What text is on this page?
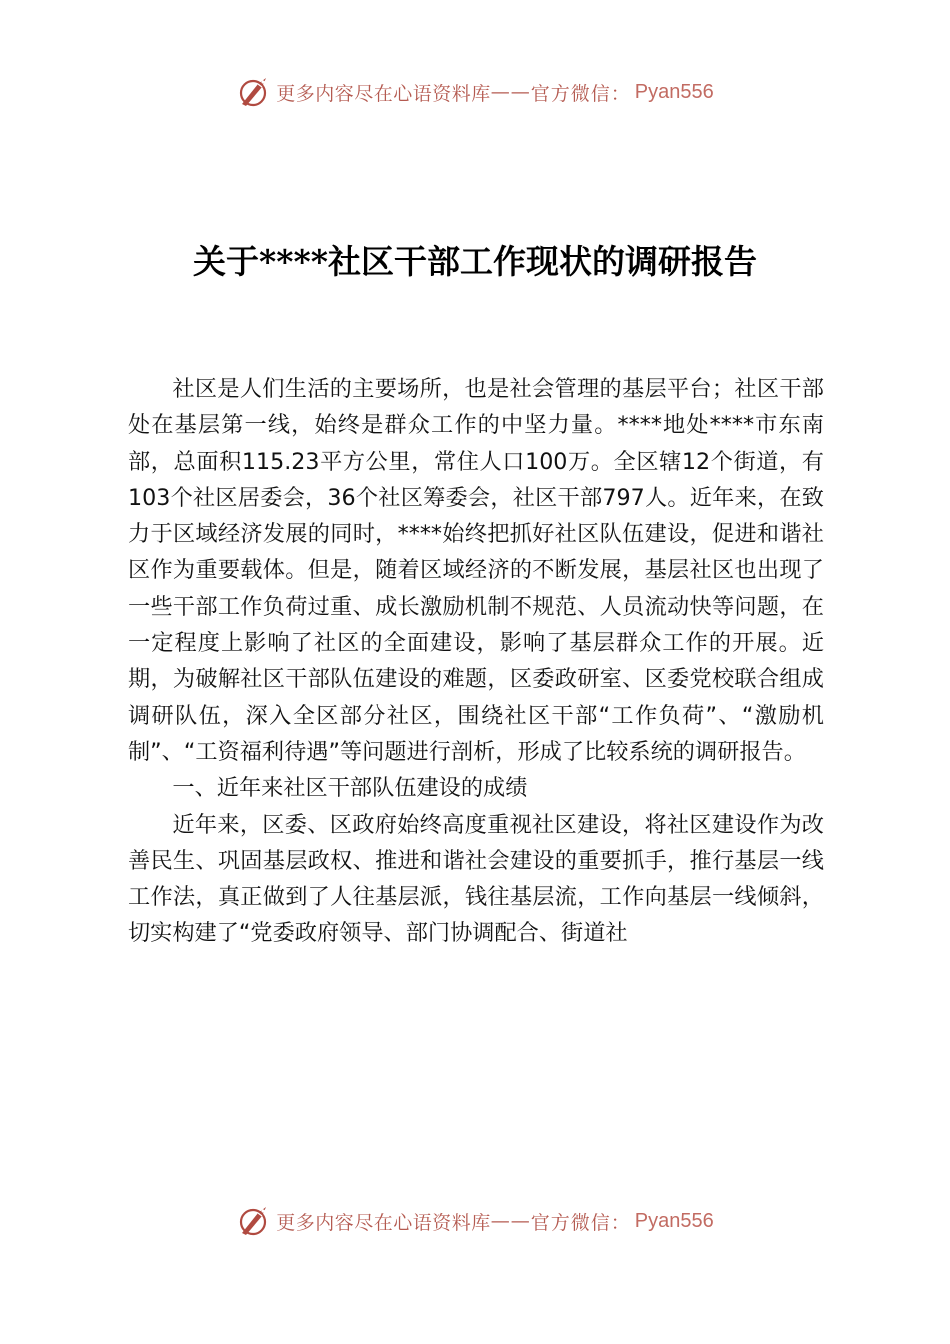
更多内容尽在心语资料库 —— 官方微信： Pyan556
关于****社区干部工作现状的调研报告

社区是人们生活的主要场所，也是社会管理的基层平台；社区干部处在基层第一线，始终是群众工作的中坚力量。****地处****市东南部，总面积115.23平方公里，常住人口100万。全区辖12个街道，有103个社区居委会，36个社区筹委会，社区干部797人。近年来，在致力于区域经济发展的同时，****始终把抓好社区队伍建设，促进和谐社区作为重要载体。但是，随着区域经济的不断发展，基层社区也出现了一些干部工作负荷过重、成长激励机制不规范、人员流动快等问题，在一定程度上影响了社区的全面建设，影响了基层群众工作的开展。近期，为破解社区干部队伍建设的难题，区委政研室、区委党校联合组成调研队伍，深入全区部分社区，围绕社区干部“工作负荷”、“激励机制”、“工资福利待遇”等问题进行剖析，形成了比较系统的调研报告。

一、近年来社区干部队伍建设的成绩

近年来，区委、区政府始终高度重视社区建设，将社区建设作为改善民生、巩固基层政权、推进和谐社会建设的重要抓手，推行基层一线工作法，真正做到了人往基层派，钱往基层流，工作向基层一线倾斜，切实构建了“党委政府领导、部门协调配合、街道社

更多内容尽在心语资料库 —— 官方微信： Pyan556
